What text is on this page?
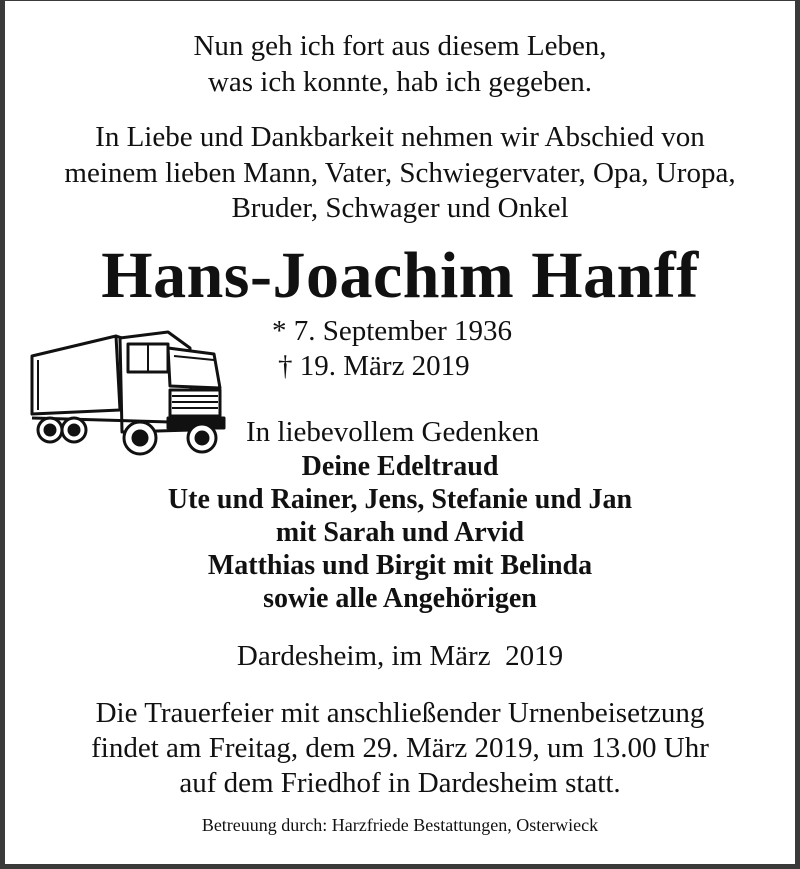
Nun geh ich fort aus diesem Leben,
was ich konnte, hab ich gegeben.
In Liebe und Dankbarkeit nehmen wir Abschied von
meinem lieben Mann, Vater, Schwiegervater, Opa, Uropa,
Bruder, Schwager und Onkel
Hans-Joachim Hanff
* 7. September 1936
† 19. März 2019
In liebevollem Gedenken
Deine Edeltraud
Ute und Rainer, Jens, Stefanie und Jan
mit Sarah und Arvid
Matthias und Birgit mit Belinda
sowie alle Angehörigen
Dardesheim, im März  2019
Die Trauerfeier mit anschließender Urnenbeisetzung
findet am Freitag, dem 29. März 2019, um 13.00 Uhr
auf dem Friedhof in Dardesheim statt.
Betreuung durch: Harzfriede Bestattungen, Osterwieck
